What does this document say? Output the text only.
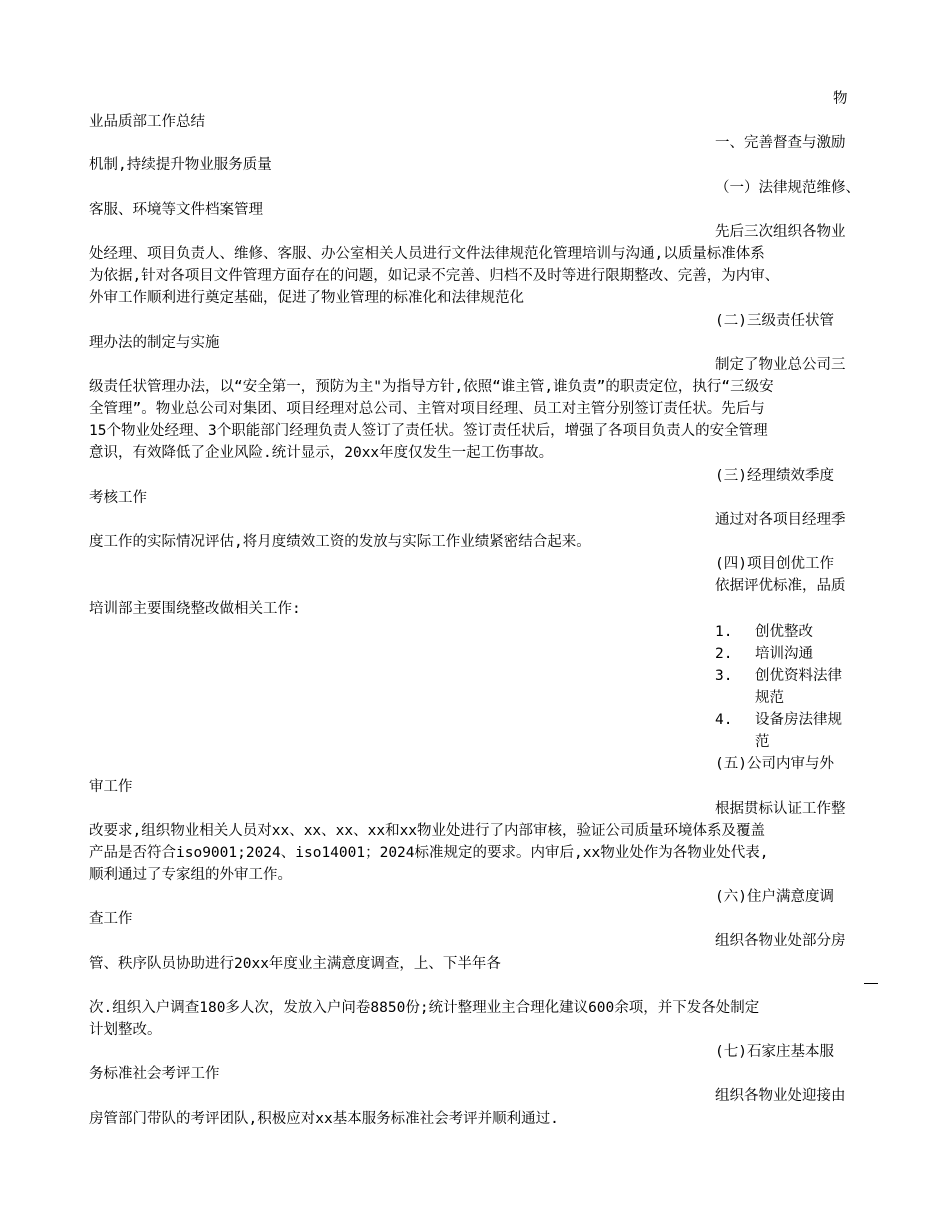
物
业品质部工作总结
一、完善督查与激励
机制,持续提升物业服务质量
（一）法律规范维修、
客服、环境等文件档案管理
先后三次组织各物业
处经理、项目负责人、维修、客服、办公室相关人员进行文件法律规范化管理培训与沟通,以质量标准体系
为依据,针对各项目文件管理方面存在的问题，如记录不完善、归档不及时等进行限期整改、完善，为内审、
外审工作顺利进行奠定基础，促进了物业管理的标准化和法律规范化
(二)三级责任状管
理办法的制定与实施
制定了物业总公司三
级责任状管理办法，以“安全第一，预防为主"为指导方针,依照“谁主管,谁负责”的职责定位，执行“三级安
全管理”。物业总公司对集团、项目经理对总公司、主管对项目经理、员工对主管分别签订责任状。先后与
15个物业处经理、3个职能部门经理负责人签订了责任状。签订责任状后，增强了各项目负责人的安全管理
意识，有效降低了企业风险.统计显示，20xx年度仅发生一起工伤事故。
(三)经理绩效季度
考核工作
通过对各项目经理季
度工作的实际情况评估,将月度绩效工资的发放与实际工作业绩紧密结合起来。
(四)项目创优工作
依据评优标准，品质
培训部主要围绕整改做相关工作:
1. 创优整改
2. 培训沟通
3. 创优资料法律
规范
4. 设备房法律规
范
(五)公司内审与外
审工作
根据贯标认证工作整
改要求,组织物业相关人员对xx、xx、xx、xx和xx物业处进行了内部审核，验证公司质量环境体系及覆盖
产品是否符合iso9001;2024、iso14001；2024标准规定的要求。内审后,xx物业处作为各物业处代表,
顺利通过了专家组的外审工作。
(六)住户满意度调
查工作
组织各物业处部分房
管、秩序队员协助进行20xx年度业主满意度调查，上、下半年各
次.组织入户调查180多人次，发放入户问卷8850份;统计整理业主合理化建议600余项，并下发各处制定
计划整改。
(七)石家庄基本服
务标准社会考评工作
组织各物业处迎接由
房管部门带队的考评团队,积极应对xx基本服务标准社会考评并顺利通过.
